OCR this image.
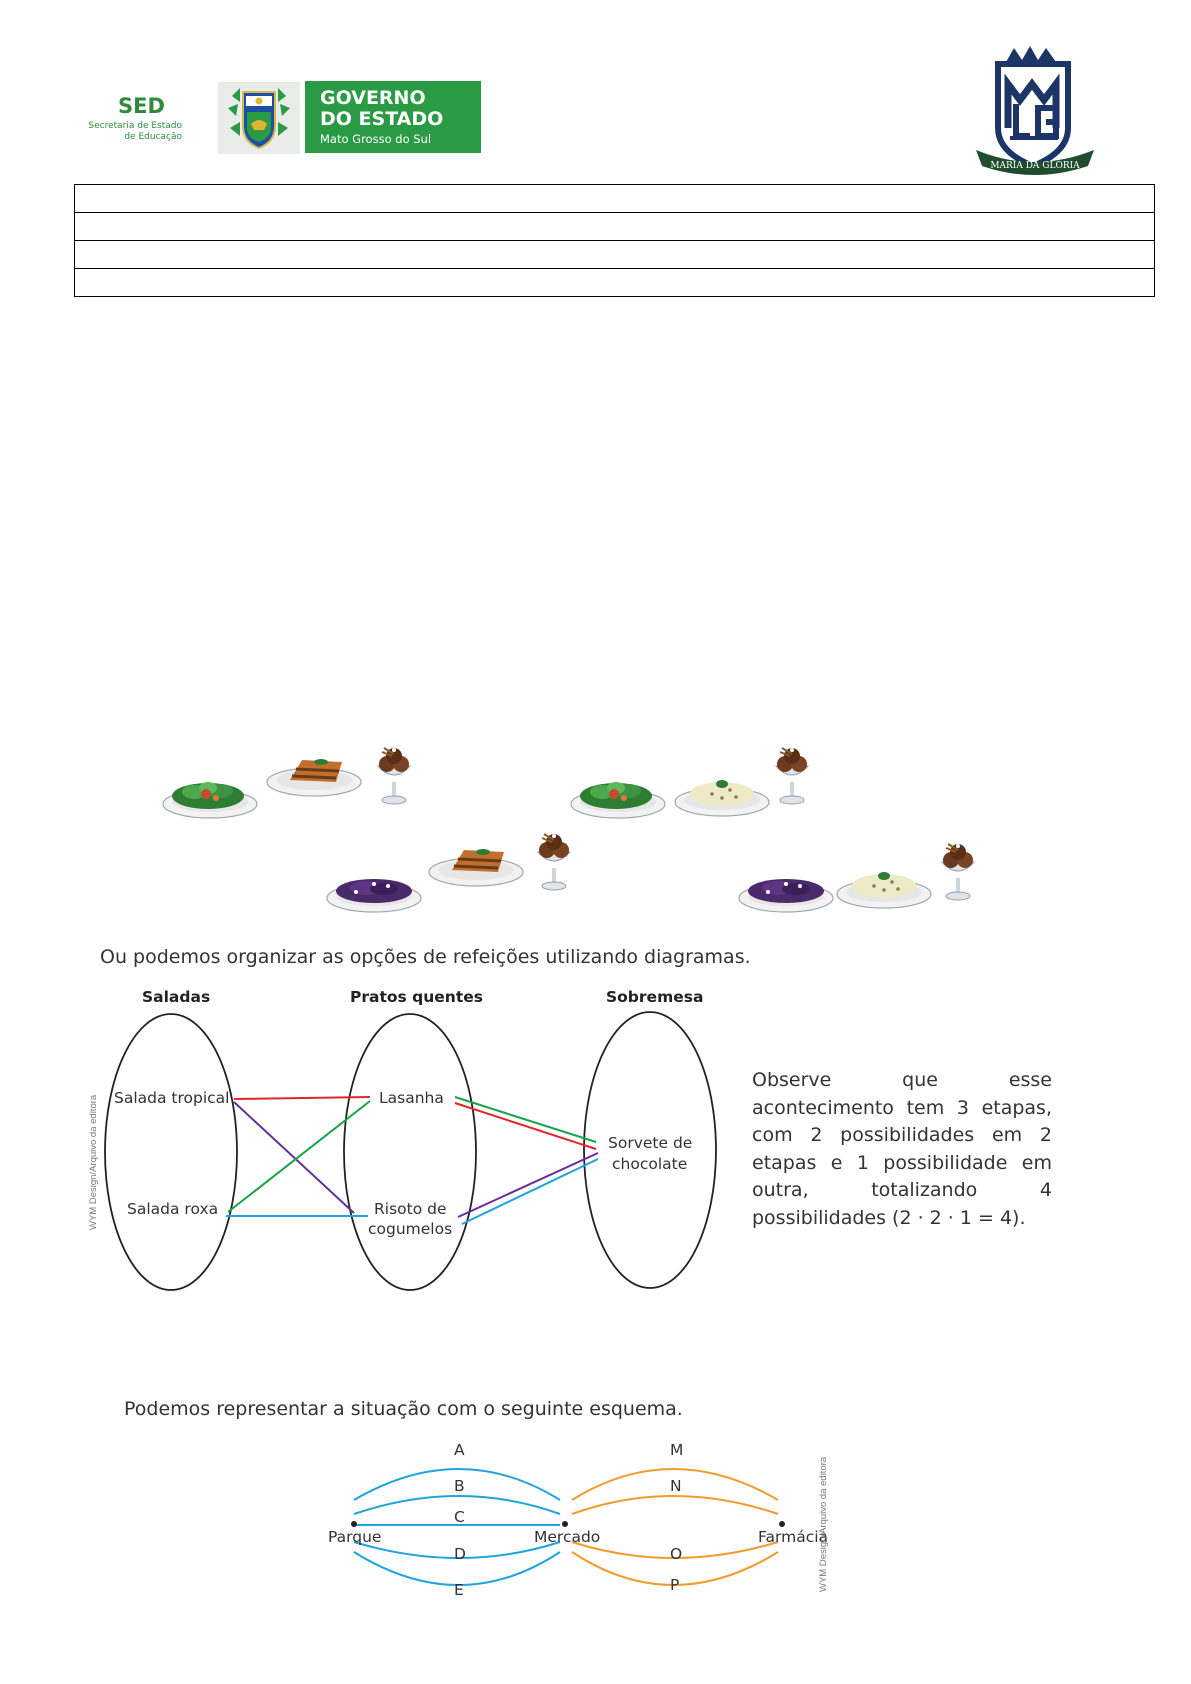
SED
Secretaria de Estado
de Educação
GOVERNO
DO ESTADO
Mato Grosso do Sul
MARIA DA GLÓRIA

Ou podemos organizar as opções de refeições utilizando diagramas.
Saladas	Pratos quentes	Sobremesa
Salada tropical
Salada roxa
Lasanha
Risoto de
cogumelos
Sorvete de
chocolate
WYM Design/Arquivo da editora
Observe que esse acontecimento tem 3 etapas, com 2 possibilidades em 2 etapas e 1 possibilidade em outra, totalizando 4 possibilidades (2 · 2 · 1 = 4).
Podemos representar a situação com o seguinte esquema.
A
B
C
D
E
M
N
O
P
Parque	Mercado	Farmácia
WYM Design/Arquivo da editora
